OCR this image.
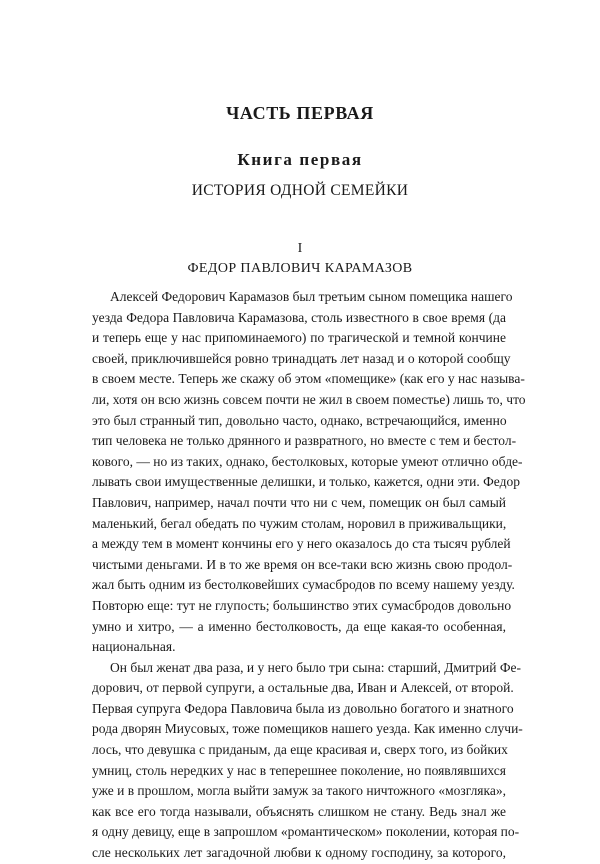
ЧАСТЬ ПЕРВАЯ
Книга первая
ИСТОРИЯ ОДНОЙ СЕМЕЙКИ
I
ФЕДОР ПАВЛОВИЧ КАРАМАЗОВ
Алексей Федорович Карамазов был третьим сыном помещика нашего
уезда Федора Павловича Карамазова, столь известного в свое время (да
и теперь еще у нас припоминаемого) по трагической и темной кончине
своей, приключившейся ровно тринадцать лет назад и о которой сообщу
в своем месте. Теперь же скажу об этом «помещике» (как его у нас называ-
ли, хотя он всю жизнь совсем почти не жил в своем поместье) лишь то, что
это был странный тип, довольно часто, однако, встречающийся, именно
тип человека не только дрянного и развратного, но вместе с тем и бестол-
кового, — но из таких, однако, бестолковых, которые умеют отлично обде-
лывать свои имущественные делишки, и только, кажется, одни эти. Федор
Павлович, например, начал почти что ни с чем, помещик он был самый
маленький, бегал обедать по чужим столам, норовил в приживальщики,
а между тем в момент кончины его у него оказалось до ста тысяч рублей
чистыми деньгами. И в то же время он все-таки всю жизнь свою продол-
жал быть одним из бестолковейших сумасбродов по всему нашему уезду.
Повторю еще: тут не глупость; большинство этих сумасбродов довольно
умно и хитро, — а именно бестолковость, да еще какая-то особенная,
национальная.
Он был женат два раза, и у него было три сына: старший, Дмитрий Фе-
дорович, от первой супруги, а остальные два, Иван и Алексей, от второй.
Первая супруга Федора Павловича была из довольно богатого и знатного
рода дворян Миусовых, тоже помещиков нашего уезда. Как именно случи-
лось, что девушка с приданым, да еще красивая и, сверх того, из бойких
умниц, столь нередких у нас в теперешнее поколение, но появлявшихся
уже и в прошлом, могла выйти замуж за такого ничтожного «мозгляка»,
как все его тогда называли, объяснять слишком не стану. Ведь знал же
я одну девицу, еще в запрошлом «романтическом» поколении, которая по-
сле нескольких лет загадочной любви к одному господину, за которого,
